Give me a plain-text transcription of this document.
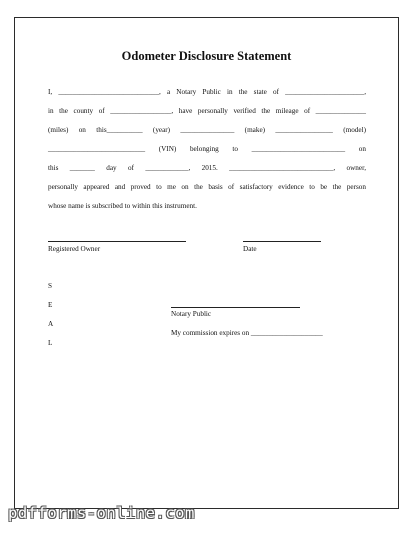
Odometer Disclosure Statement
I, ____________________________, a Notary Public in the state of ______________________,
in the county of _________________, have personally verified the mileage of ______________
(miles) on this__________ (year) _______________ (make) ________________ (model)
___________________________ (VIN) belonging to __________________________ on
this _______ day of ____________, 2015. _____________________________, owner,
personally appeared and proved to me on the basis of satisfactory evidence to be the person
whose name is subscribed to within this instrument.
Registered Owner	Date
S
E
A
L
Notary Public
My commission expires on ____________________
pdfforms-online.com
